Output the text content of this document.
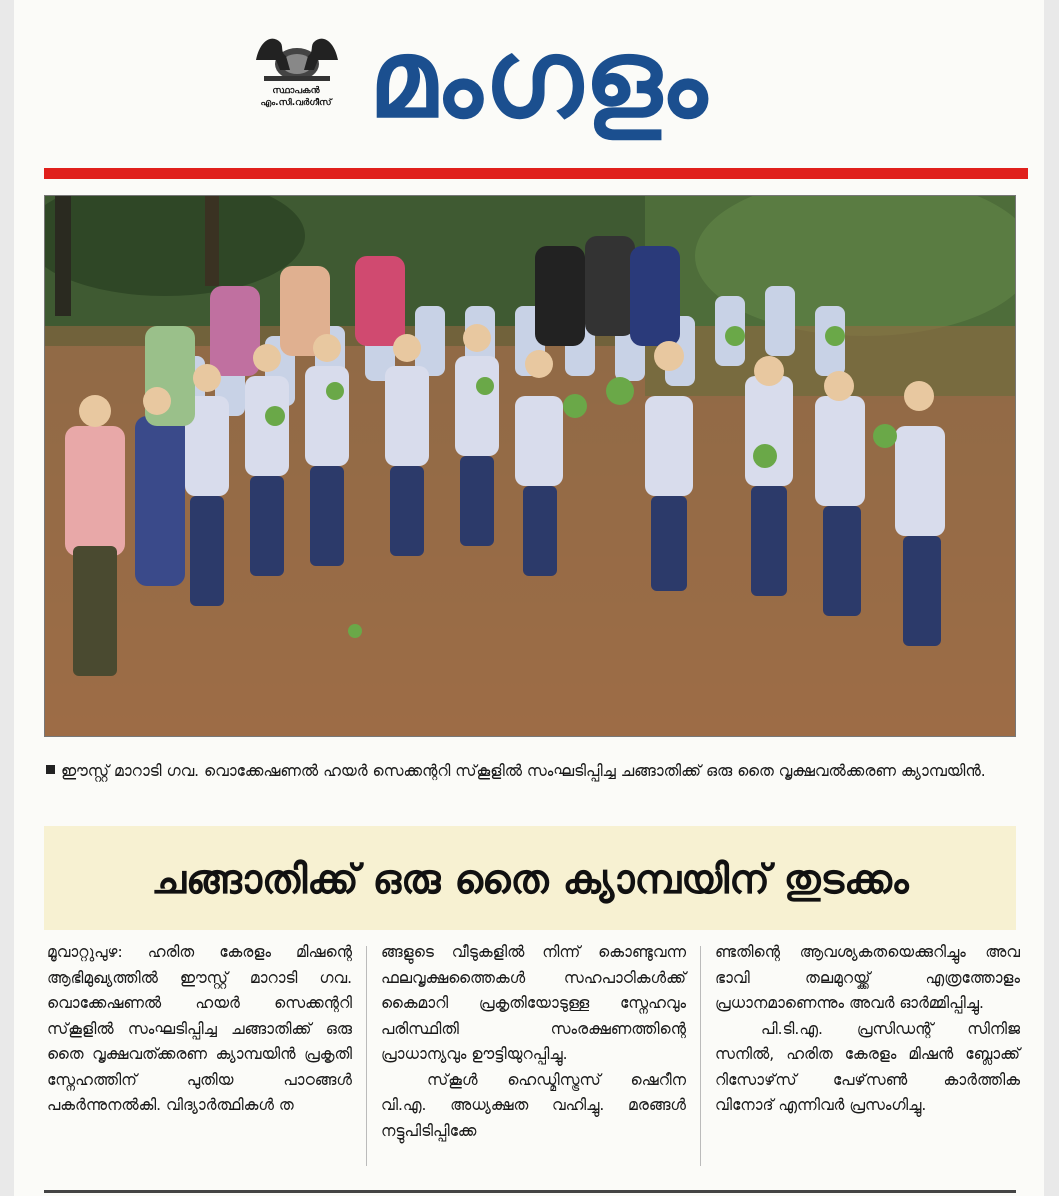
സ്ഥാപകൻ
എം.സി.വർഗീസ് മംഗളം
ഈസ്റ്റ് മാറാടി ഗവ. വൊക്കേഷണൽ ഹയർ സെക്കന്ററി സ്‌കൂളിൽ സംഘടിപ്പിച്ച ചങ്ങാതിക്ക് ഒരു തൈ വൃക്ഷവൽക്കരണ ക്യാമ്പയിൻ.
ചങ്ങാതിക്ക് ഒരു തൈ ക്യാമ്പയിന് തുടക്കം

മൂവാറ്റുപുഴ: ഹരിത കേരളം മിഷന്റെ ആഭിമുഖ്യത്തിൽ ഈസ്റ്റ് മാറാടി ഗവ. വൊക്കേഷണൽ ഹയർ സെക്കന്ററി സ്‌കൂളിൽ സംഘടിപ്പിച്ച ചങ്ങാതിക്ക് ഒരു തൈ വൃക്ഷവത്ക്കരണ ക്യാമ്പയിൻ പ്രകൃതി സ്നേഹത്തിന് പുതിയ പാഠങ്ങൾ പകർന്നുനൽകി. വിദ്യാർത്ഥികൾ ത

ങ്ങളുടെ വീടുകളിൽ നിന്ന് കൊണ്ടുവന്ന ഫലവൃക്ഷത്തൈകൾ സഹപാഠികൾക്ക് കൈമാറി പ്രകൃതിയോടുള്ള സ്നേഹവും പരിസ്ഥിതി സംരക്ഷണത്തിന്റെ പ്രാധാന്യവും ഊട്ടിയുറപ്പിച്ചു.

സ്‌കൂൾ ഹെഡ്മിസ്ട്രസ് ഷെറീന വി.എ. അധ്യക്ഷത വഹിച്ചു. മരങ്ങൾ നട്ടുപിടിപ്പിക്കേ

ണ്ടതിന്റെ ആവശ്യകതയെക്കുറിച്ചും അവ ഭാവി തലമുറയ്ക്ക് എത്രത്തോളം പ്രധാനമാണെന്നും അവർ ഓർമ്മിപ്പിച്ചു.

പി.ടി.എ. പ്രസിഡന്റ് സിനിജ സനിൽ, ഹരിത കേരളം മിഷൻ ബ്ലോക്ക് റിസോഴ്‌സ് പേഴ്‌സൺ കാർത്തിക വിനോദ് എന്നിവർ പ്രസംഗിച്ചു.
